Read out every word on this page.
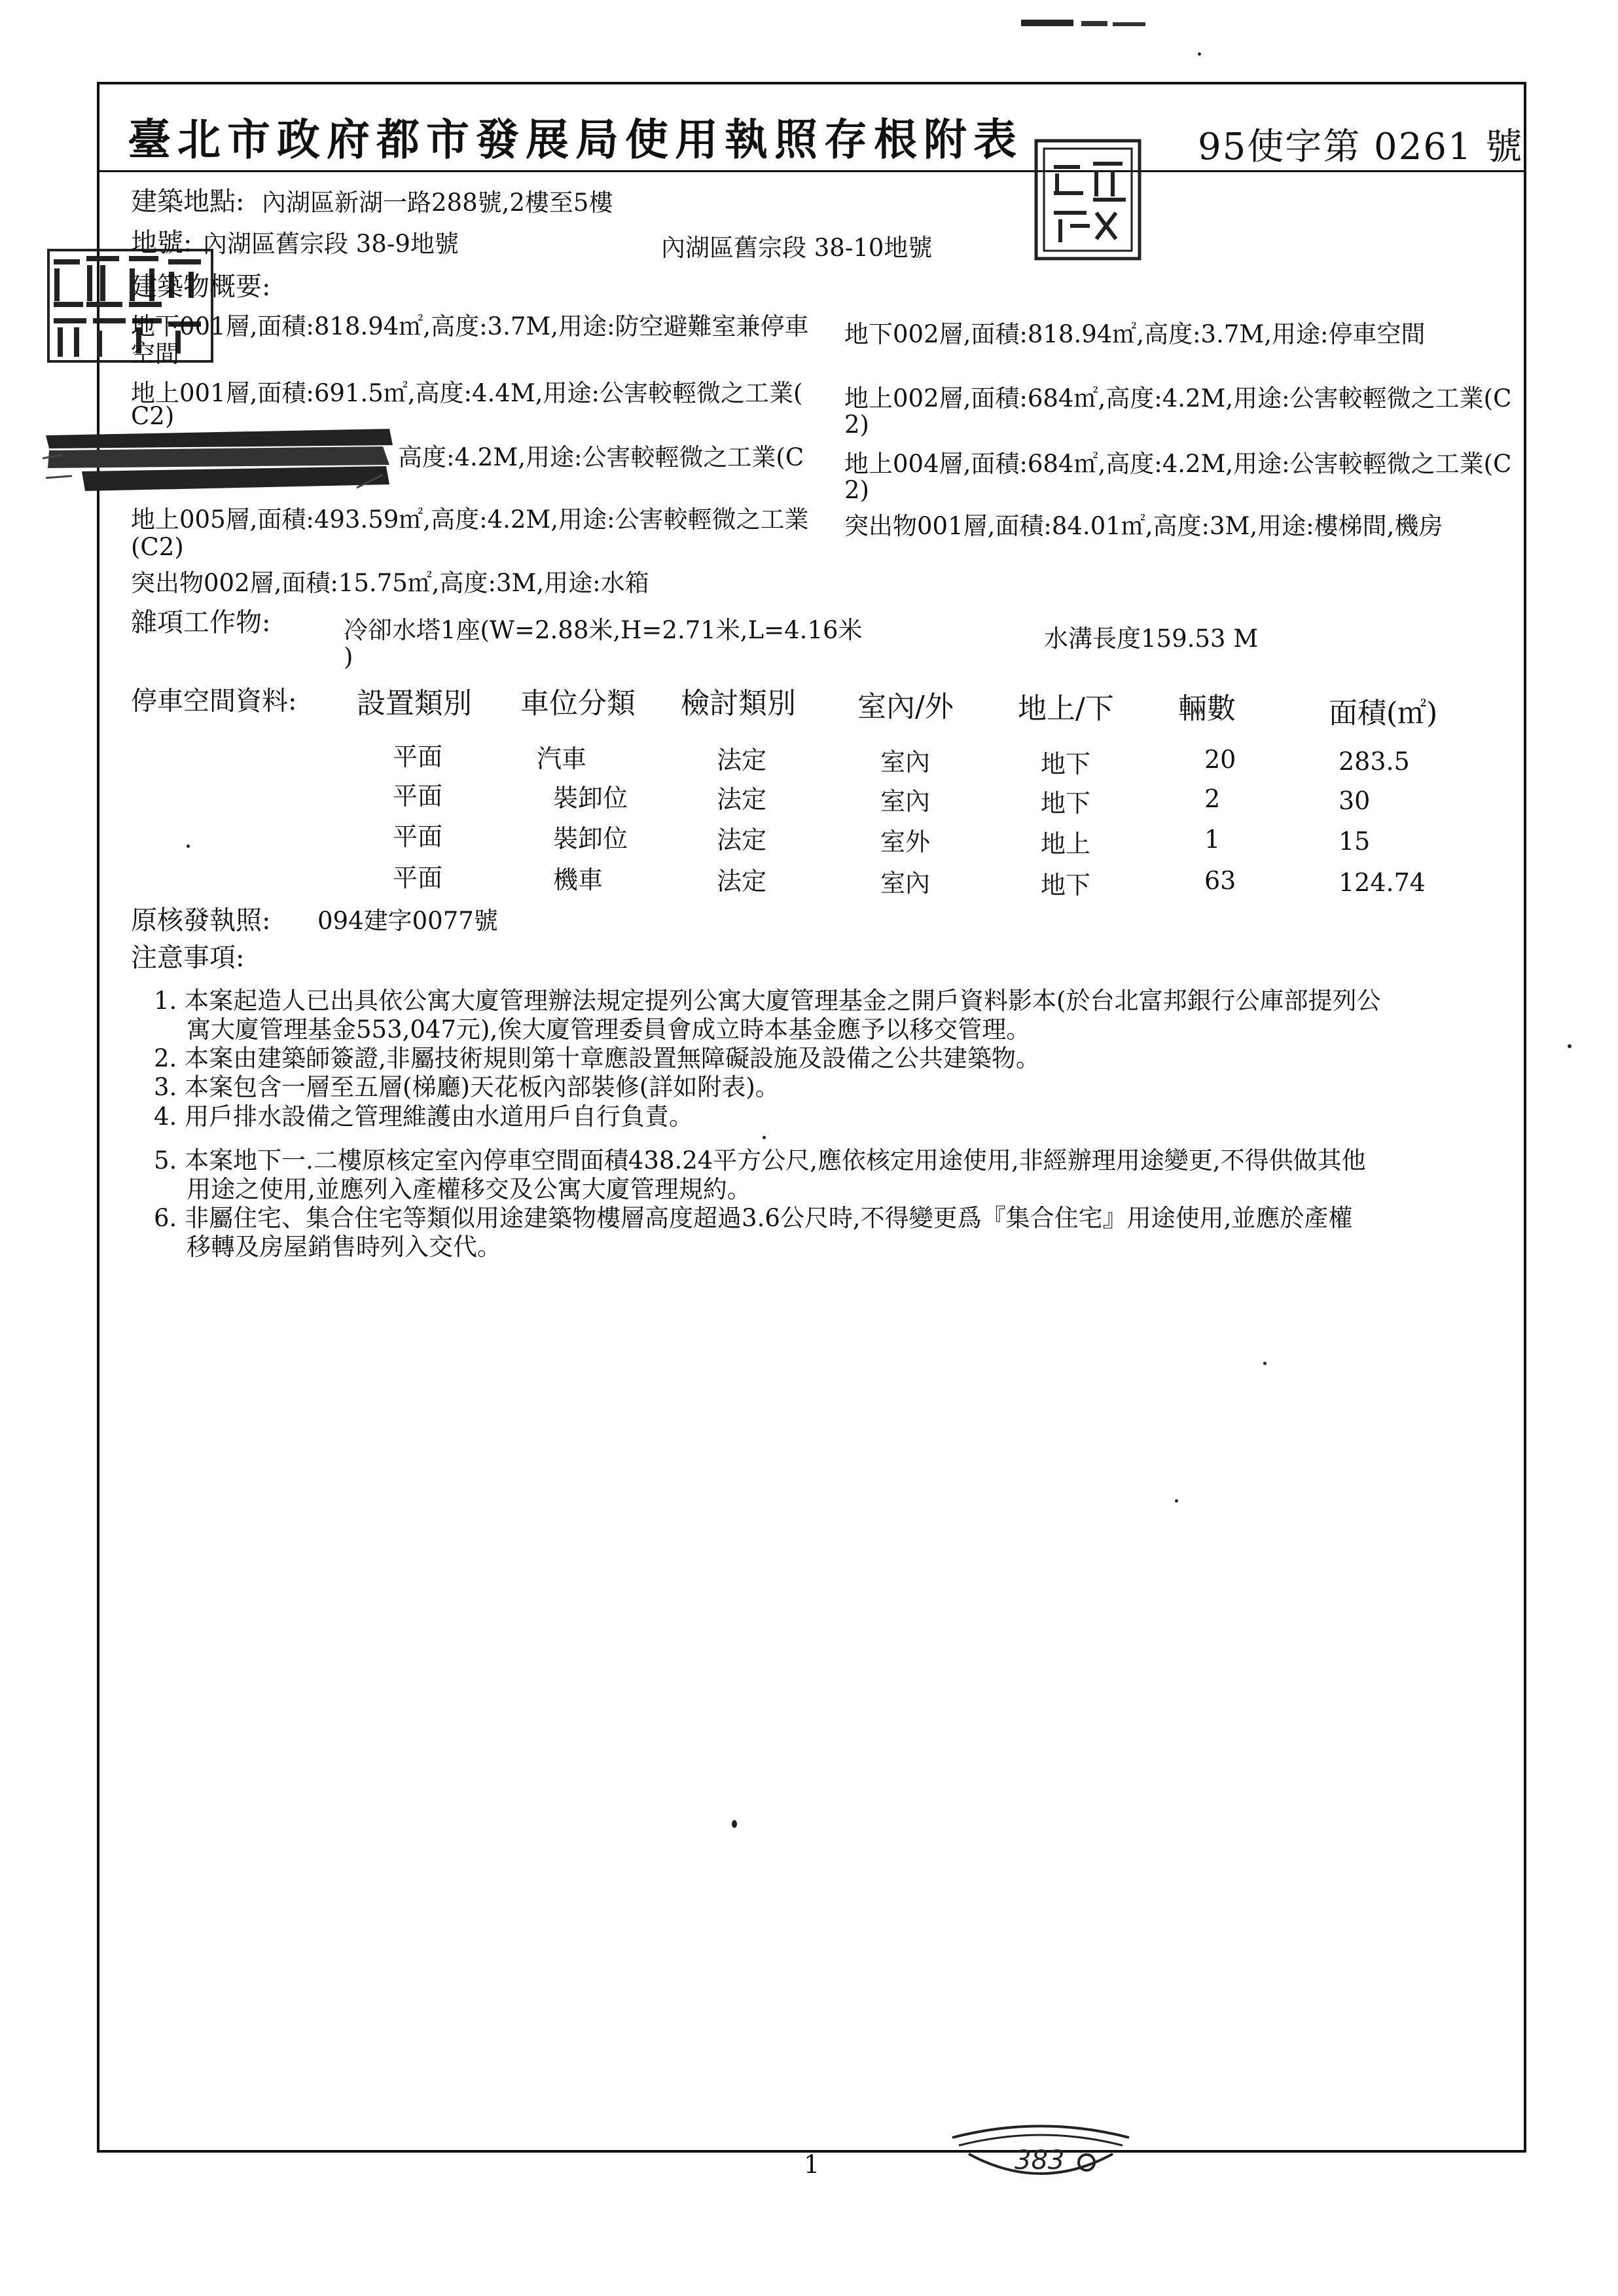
臺北市政府都市發展局使用執照存根附表	95使字第 0261 號
官印
騎縫章
建築地點: 內湖區新湖一路288號,2樓至5樓
地號: 內湖區舊宗段 38-9地號	內湖區舊宗段 38-10地號
建築物概要:
地下001層,面積:818.94㎡,高度:3.7M,用途:防空避難室兼停車
空間
地下002層,面積:818.94㎡,高度:3.7M,用途:停車空間
地上001層,面積:691.5㎡,高度:4.4M,用途:公害較輕微之工業(
C2)
地上002層,面積:684㎡,高度:4.2M,用途:公害較輕微之工業(C
2)
高度:4.2M,用途:公害較輕微之工業(C 地上004層,面積:684㎡,高度:4.2M,用途:公害較輕微之工業(C
2)
地上005層,面積:493.59㎡,高度:4.2M,用途:公害較輕微之工業
(C2)
突出物001層,面積:84.01㎡,高度:3M,用途:樓梯間,機房
突出物002層,面積:15.75㎡,高度:3M,用途:水箱
雜項工作物:	冷卻水塔1座(W=2.88米,H=2.71米,L=4.16米
)
水溝長度159.53 M
停車空間資料: 設置類別 車位分類 檢討類別 室內/外 地上/下 輛數	面積(㎡)
平面	汽車	法定	室內	地下	20	283.5
平面	裝卸位	法定	室內	地下	2	30
平面	裝卸位	法定	室外	地上	1	15
平面	機車	法定	室內	地下	63	124.74
原核發執照: 094建字0077號
注意事項:
1. 本案起造人已出具依公寓大廈管理辦法規定提列公寓大廈管理基金之開戶資料影本(於台北富邦銀行公庫部提列公
寓大廈管理基金553,047元),俟大廈管理委員會成立時本基金應予以移交管理。
2. 本案由建築師簽證,非屬技術規則第十章應設置無障礙設施及設備之公共建築物。
3. 本案包含一層至五層(梯廳)天花板內部裝修(詳如附表)。
4. 用戶排水設備之管理維護由水道用戶自行負責。
5. 本案地下一.二樓原核定室內停車空間面積438.24平方公尺,應依核定用途使用,非經辦理用途變更,不得供做其他
用途之使用,並應列入產權移交及公寓大廈管理規約。
6. 非屬住宅、集合住宅等類似用途建築物樓層高度超過3.6公尺時,不得變更爲『集合住宅』用途使用,並應於產權
移轉及房屋銷售時列入交代。
383
1
